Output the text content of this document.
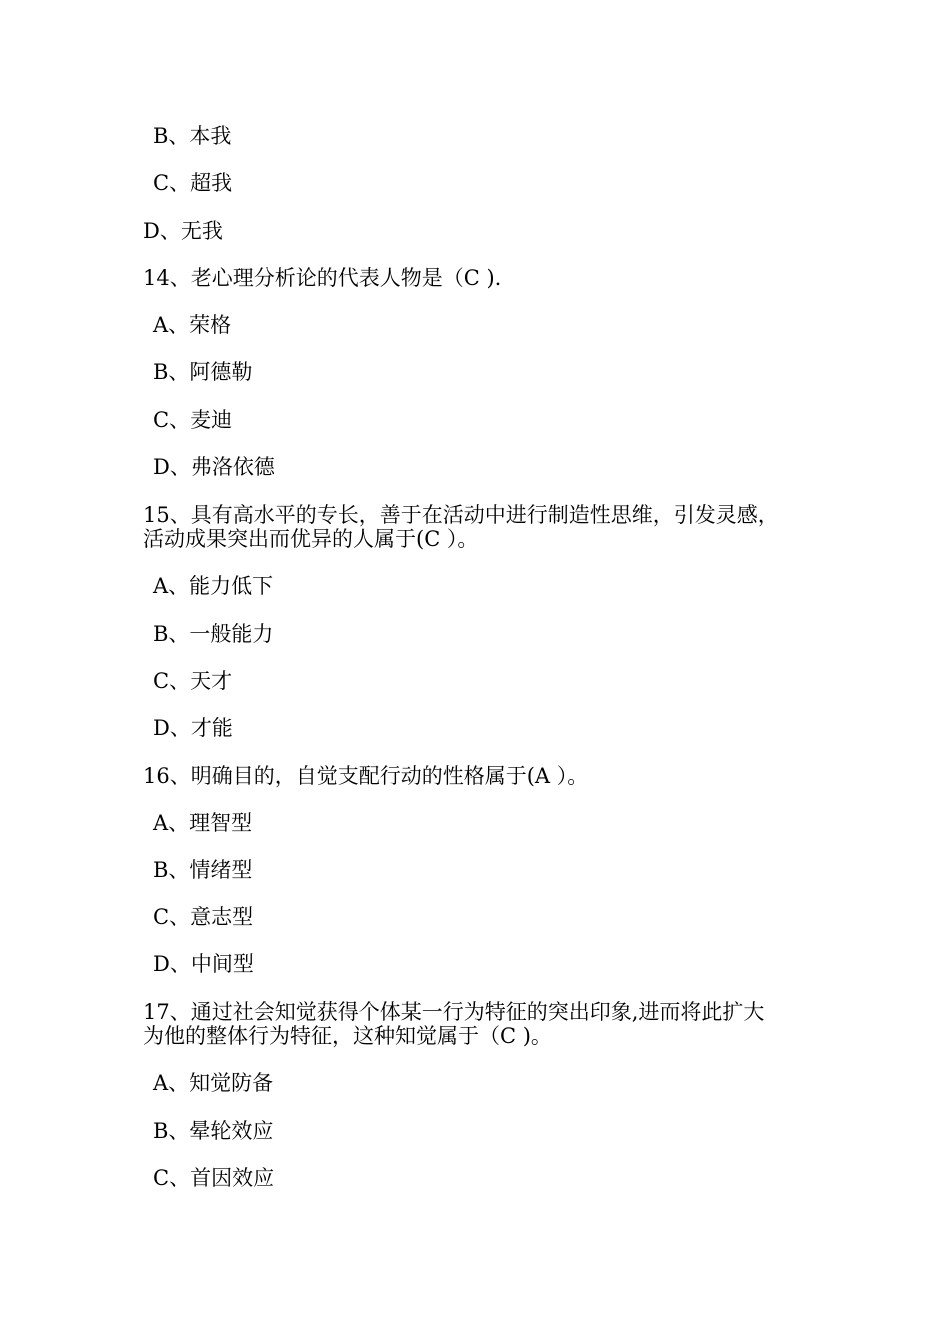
B、本我
C、超我
D、无我
14、老心理分析论的代表人物是（C ).
A、荣格
B、阿德勒
C、麦迪
D、弗洛依德
15、具有高水平的专长，善于在活动中进行制造性思维，引发灵感，
活动成果突出而优异的人属于(C ）。
A、能力低下
B、一般能力
C、天才
D、才能
16、明确目的，自觉支配行动的性格属于(A ）。
A、理智型
B、情绪型
C、意志型
D、中间型
17、通过社会知觉获得个体某一行为特征的突出印象,进而将此扩大
为他的整体行为特征，这种知觉属于（C )。
A、知觉防备
B、晕轮效应
C、首因效应
